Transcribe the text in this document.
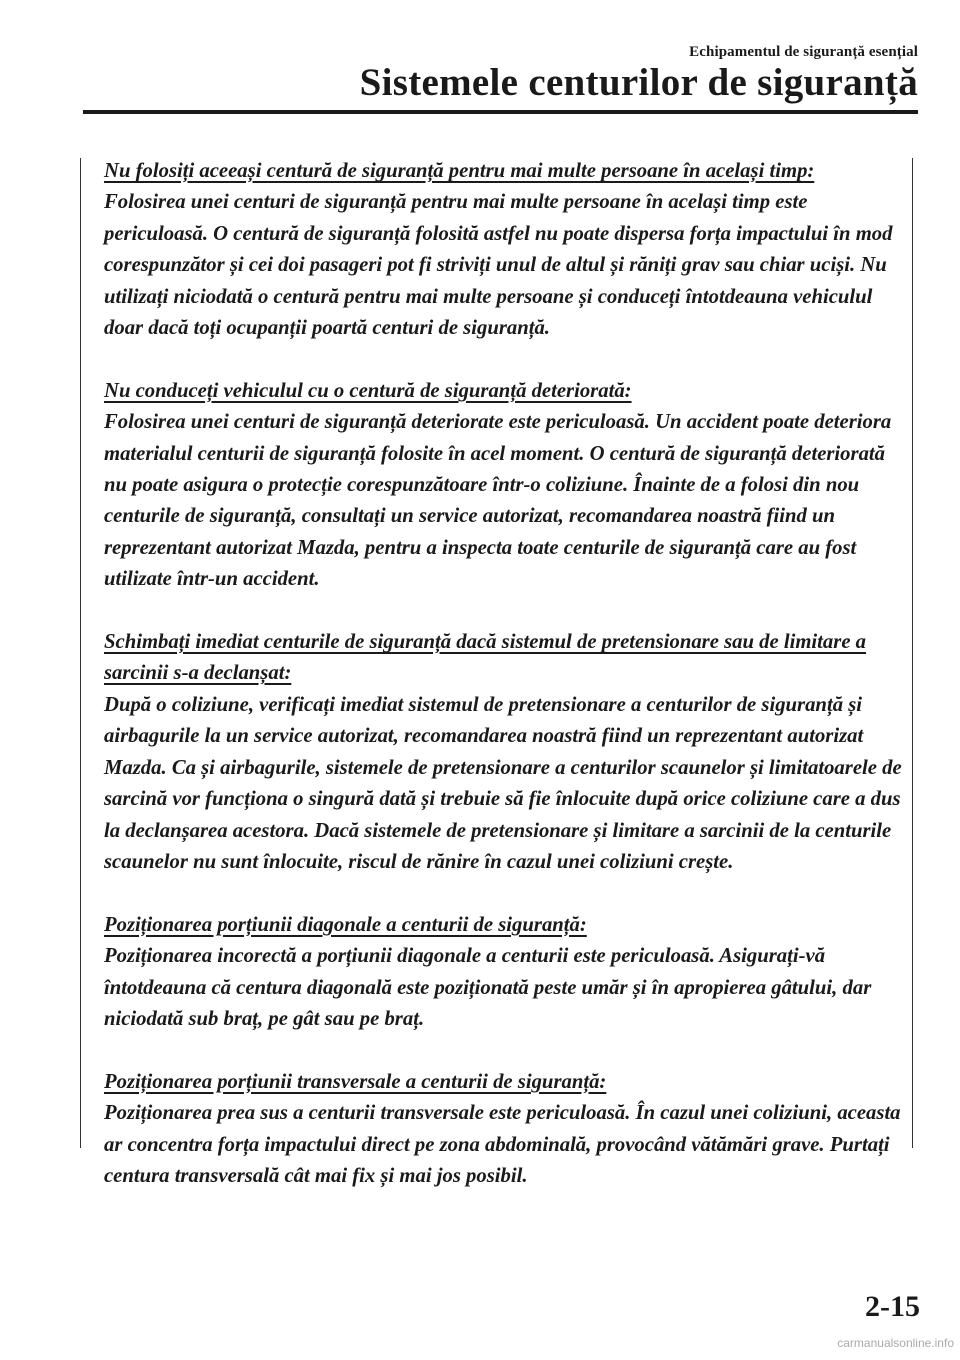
Echipamentul de siguranță esențial
Sistemele centurilor de siguranță
Nu folosiți aceeași centură de siguranță pentru mai multe persoane în același timp:
Folosirea unei centuri de siguranță pentru mai multe persoane în același timp este periculoasă. O centură de siguranță folosită astfel nu poate dispersa forța impactului în mod corespunzător și cei doi pasageri pot fi striviți unul de altul și răniți grav sau chiar uciși. Nu utilizați niciodată o centură pentru mai multe persoane și conduceți întotdeauna vehiculul doar dacă toți ocupanții poartă centuri de siguranță.
Nu conduceți vehiculul cu o centură de siguranță deteriorată:
Folosirea unei centuri de siguranță deteriorate este periculoasă. Un accident poate deteriora materialul centurii de siguranță folosite în acel moment. O centură de siguranță deteriorată nu poate asigura o protecție corespunzătoare într-o coliziune. Înainte de a folosi din nou centurile de siguranță, consultați un service autorizat, recomandarea noastră fiind un reprezentant autorizat Mazda, pentru a inspecta toate centurile de siguranță care au fost utilizate într-un accident.
Schimbați imediat centurile de siguranță dacă sistemul de pretensionare sau de limitare a sarcinii s-a declanșat:
După o coliziune, verificați imediat sistemul de pretensionare a centurilor de siguranță și airbagurile la un service autorizat, recomandarea noastră fiind un reprezentant autorizat Mazda. Ca și airbagurile, sistemele de pretensionare a centurilor scaunelor și limitatoarele de sarcină vor funcționa o singură dată și trebuie să fie înlocuite după orice coliziune care a dus la declanșarea acestora. Dacă sistemele de pretensionare și limitare a sarcinii de la centurile scaunelor nu sunt înlocuite, riscul de rănire în cazul unei coliziuni crește.
Poziționarea porțiunii diagonale a centurii de siguranță:
Poziționarea incorectă a porțiunii diagonale a centurii este periculoasă. Asigurați-vă întotdeauna că centura diagonală este poziționată peste umăr și în apropierea gâtului, dar niciodată sub braț, pe gât sau pe braț.
Poziționarea porțiunii transversale a centurii de siguranță:
Poziționarea prea sus a centurii transversale este periculoasă. În cazul unei coliziuni, aceasta ar concentra forța impactului direct pe zona abdominală, provocând vătămări grave. Purtați centura transversală cât mai fix și mai jos posibil.
2-15
carmanualsonline.info
